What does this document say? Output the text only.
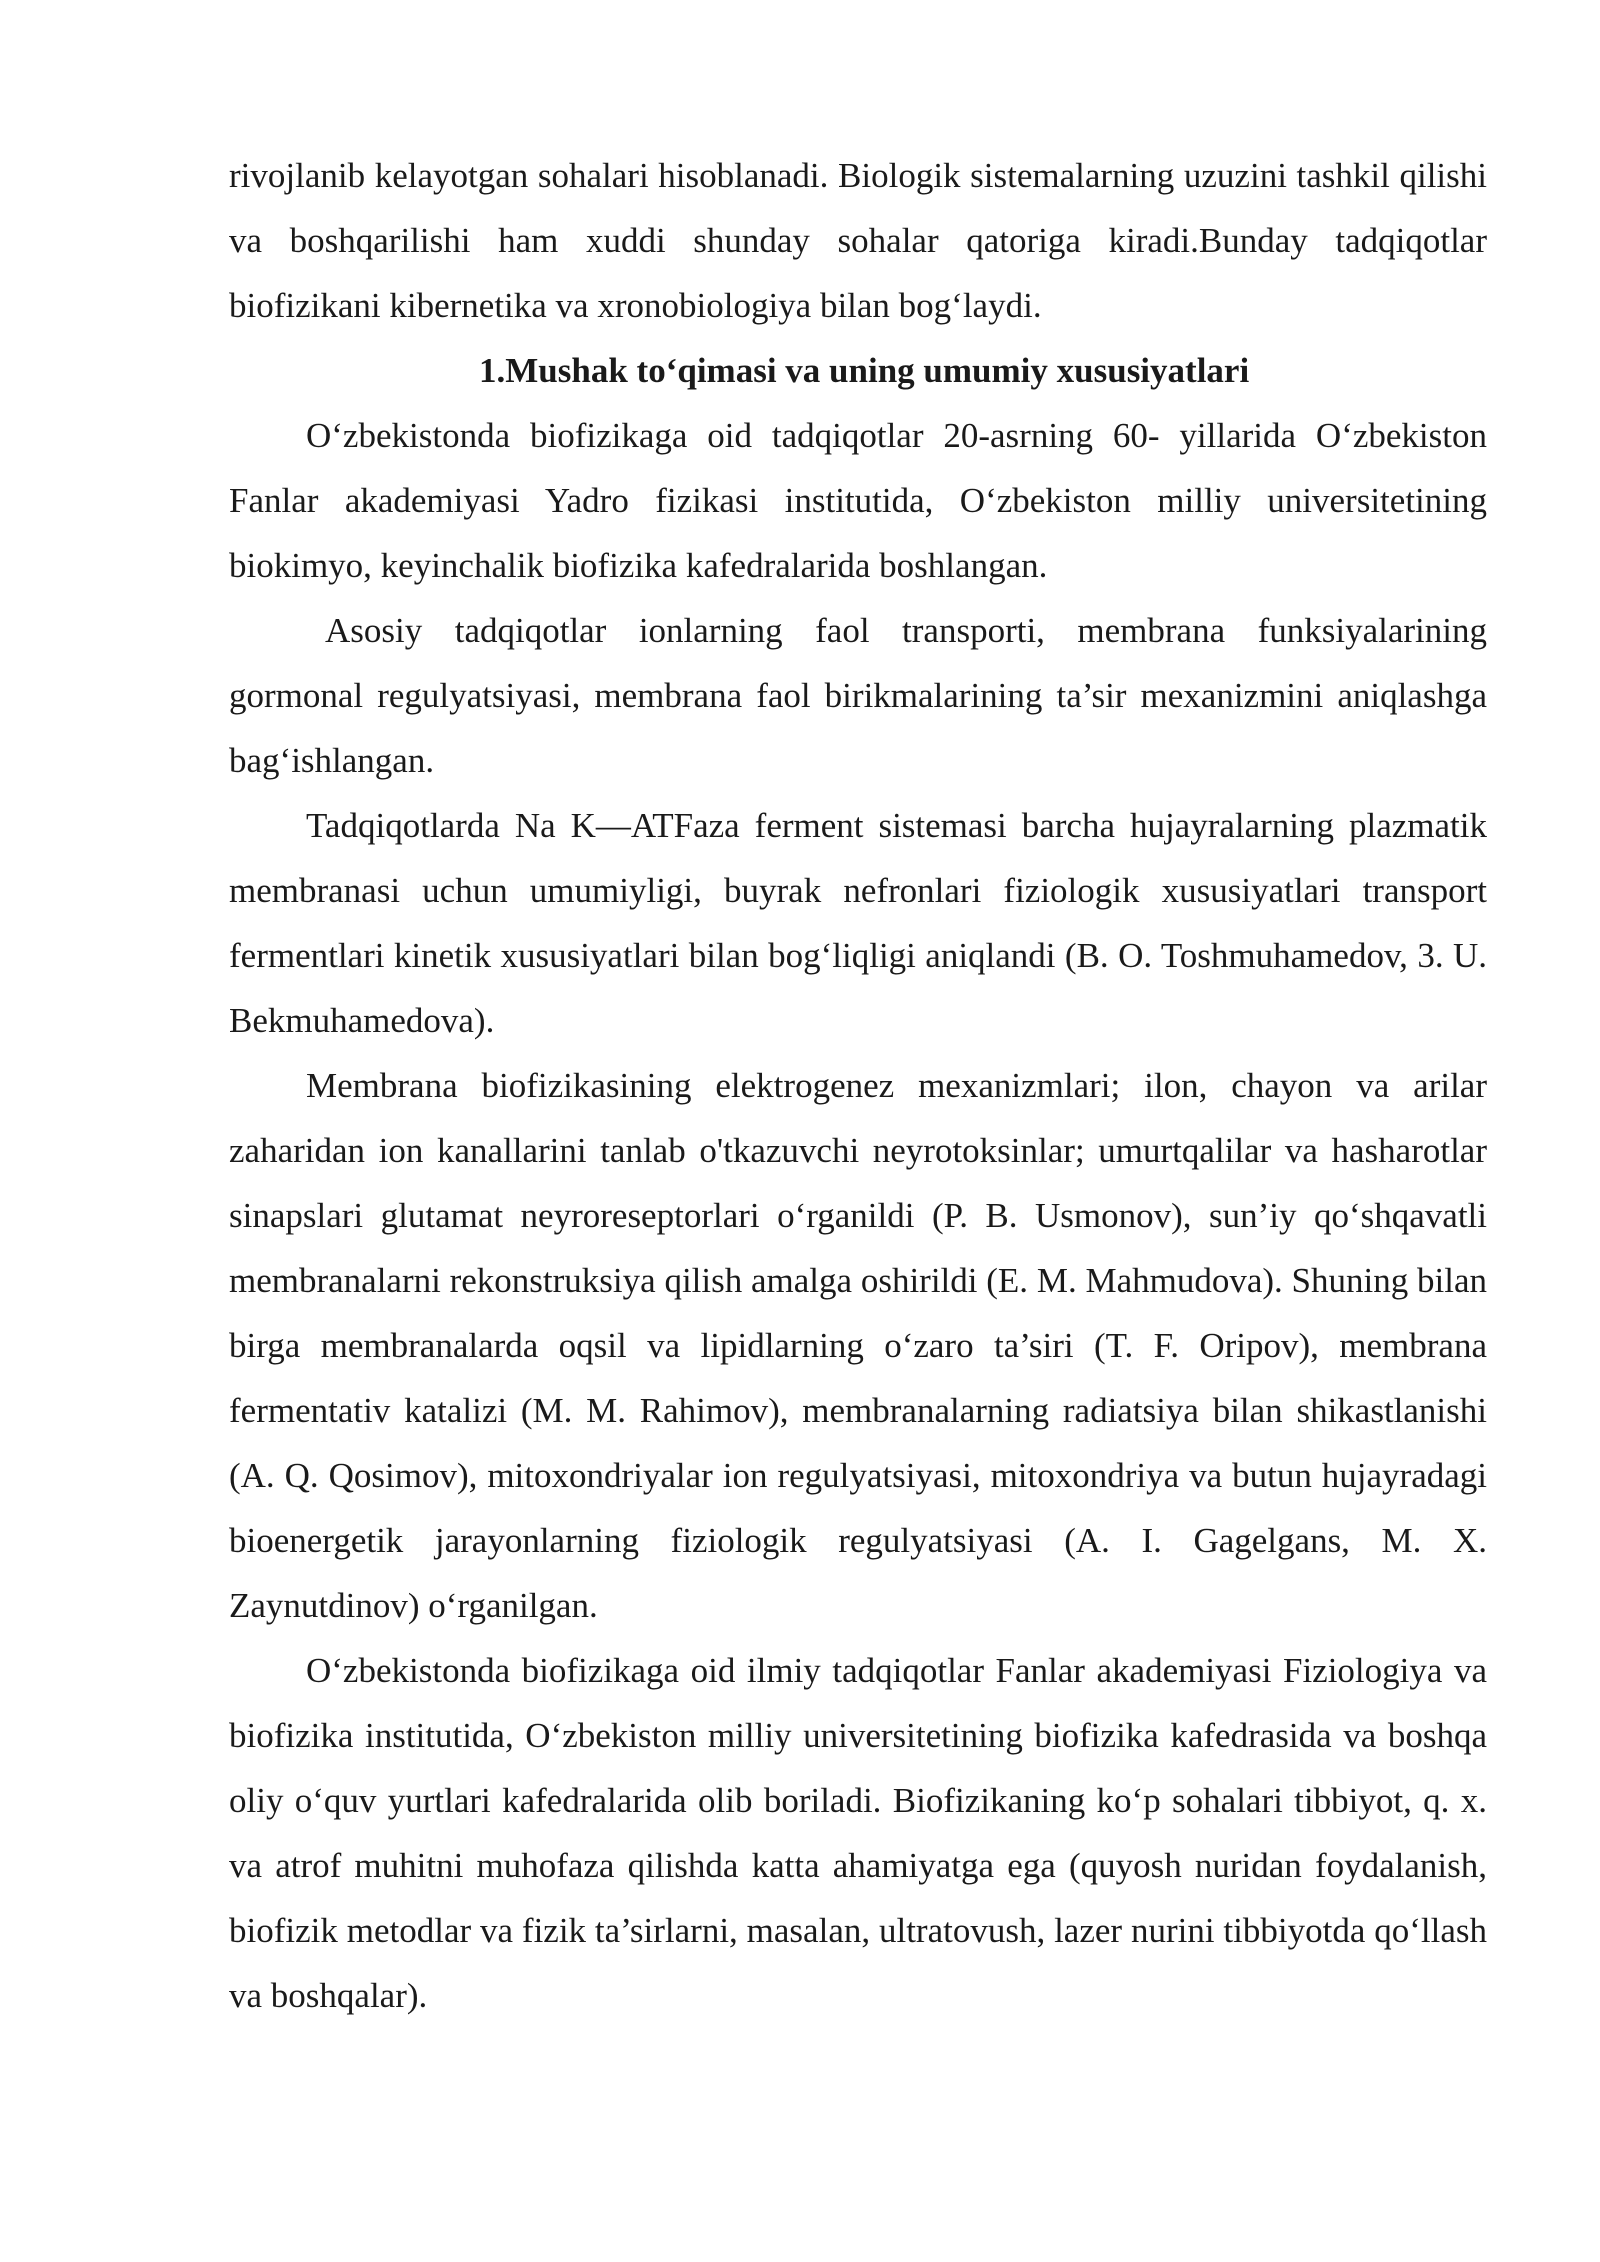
rivojlanib kelayotgan sohalari hisoblanadi. Biologik sistemalarning uzuzini tashkil qilishi va boshqarilishi ham xuddi shunday sohalar qatoriga kiradi.Bunday tadqiqotlar biofizikani kibernetika va xronobiologiya bilan bog‘laydi.

1.Mushak to‘qimasi va uning umumiy xususiyatlari

O‘zbekistonda biofizikaga oid tadqiqotlar 20-asrning 60- yillarida O‘zbekiston Fanlar akademiyasi Yadro fizikasi institutida, O‘zbekiston milliy universitetining biokimyo, keyinchalik biofizika kafedralarida boshlangan.

Asosiy tadqiqotlar ionlarning faol transporti, membrana funksiyalarining gormonal regulyatsiyasi, membrana faol birikmalarining ta’sir mexanizmini aniqlashga bag‘ishlangan.

Tadqiqotlarda Na K—ATFaza ferment sistemasi barcha hujayralarning plazmatik membranasi uchun umumiyligi, buyrak nefronlari fiziologik xususiyatlari transport fermentlari kinetik xususiyatlari bilan bog‘liqligi aniqlandi (B. O. Toshmuhamedov, 3. U. Bekmuhamedova).

Membrana biofizikasining elektrogenez mexanizmlari; ilon, chayon va arilar zaharidan ion kanallarini tanlab o'tkazuvchi neyrotoksinlar; umurtqalilar va hasharotlar sinapslari glutamat neyroreseptorlari o‘rganildi (P. B. Usmonov), sun’iy qo‘shqavatli membranalarni rekonstruksiya qilish amalga oshirildi (E. M. Mahmudova). Shuning bilan birga membranalarda oqsil va lipidlarning o‘zaro ta’siri (T. F. Oripov), membrana fermentativ katalizi (M. M. Rahimov), membranalarning radiatsiya bilan shikastlanishi (A. Q. Qosimov), mitoxondriyalar ion regulyatsiyasi, mitoxondriya va butun hujayradagi bioenergetik jarayonlarning fiziologik regulyatsiyasi (A. I. Gagelgans, M. X. Zaynutdinov) o‘rganilgan.

O‘zbekistonda biofizikaga oid ilmiy tadqiqotlar Fanlar akademiyasi Fiziologiya va biofizika institutida, O‘zbekiston milliy universitetining biofizika kafedrasida va boshqa oliy o‘quv yurtlari kafedralarida olib boriladi. Biofizikaning ko‘p sohalari tibbiyot, q. x. va atrof muhitni muhofaza qilishda katta ahamiyatga ega (quyosh nuridan foydalanish, biofizik metodlar va fizik ta’sirlarni, masalan, ultratovush, lazer nurini tibbiyotda qo‘llash va boshqalar).
